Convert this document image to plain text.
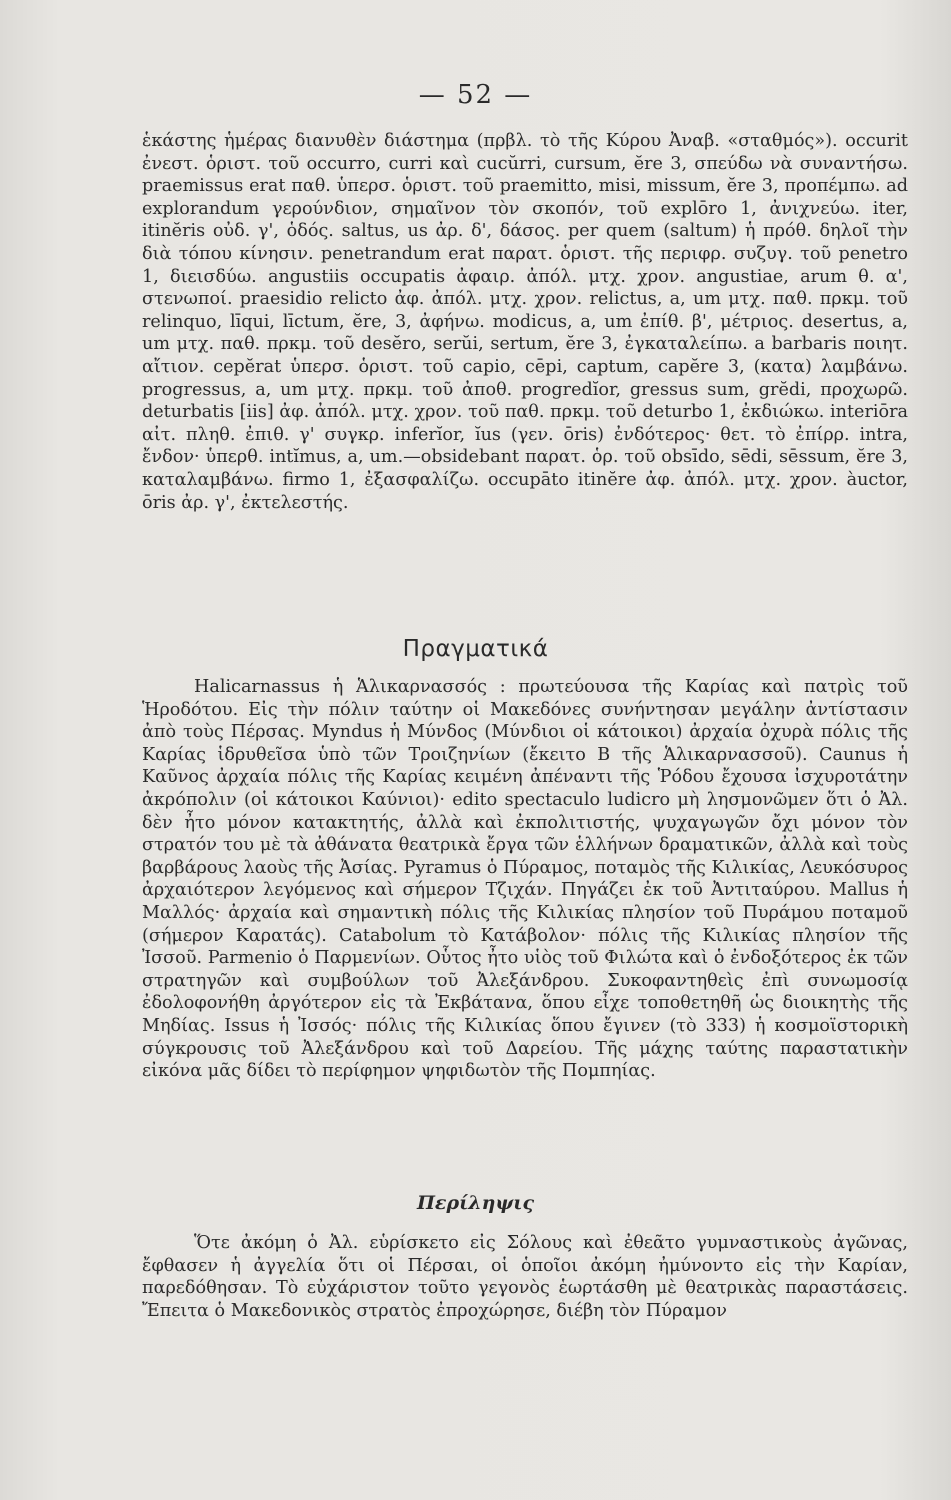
— 52 —

ἑκάστης ἡμέρας διανυθὲν διάστημα (πρβλ. τὸ τῆς Κύρου Ἀναβ. «σταθμός»). occurit ἐνεστ. ὁριστ. τοῦ occurro, curri καὶ cucŭrri, cursum, ĕre 3, σπεύδω νὰ συναντήσω. praemissus erat παθ. ὑπερσ. ὁριστ. τοῦ praemitto, misi, missum, ĕre 3, προπέμπω. ad explorandum γερούνδιον, σημαῖνον τὸν σκοπόν, τοῦ explōro 1, ἀνιχνεύω. iter, itinĕris οὐδ. γ', ὁδός. saltus, us ἀρ. δ', δάσος. per quem (saltum) ἡ πρόθ. δηλοῖ τὴν διὰ τόπου κίνησιν. penetrandum erat παρατ. ὁριστ. τῆς περιφρ. συζυγ. τοῦ penetro 1, διεισδύω. angustiis occupatis ἀφαιρ. ἀπόλ. μτχ. χρον. angustiae, arum θ. α', στενωποί. praesidio relicto ἀφ. ἀπόλ. μτχ. χρον. relictus, a, um μτχ. παθ. πρκμ. τοῦ relinquo, līqui, līctum, ĕre, 3, ἀφήνω. modicus, a, um ἐπίθ. β', μέτριος. desertus, a, um μτχ. παθ. πρκμ. τοῦ desĕro, serŭi, sertum, ĕre 3, ἐγκαταλείπω. a barbaris ποιητ. αἴτιον. cepĕrat ὑπερσ. ὁριστ. τοῦ capio, cēpi, captum, capĕre 3, (κατα) λαμβάνω. progressus, a, um μτχ. πρκμ. τοῦ ἀποθ. progredĭor, gressus sum, grĕdi, προχωρῶ. deturbatis [iis] ἀφ. ἀπόλ. μτχ. χρον. τοῦ παθ. πρκμ. τοῦ deturbo 1, ἐκδιώκω. interiōra αἰτ. πληθ. ἐπιθ. γ' συγκρ. inferĭor, ĭus (γεν. ōris) ἐνδότερος· θετ. τὸ ἐπίρρ. intra, ἔνδον· ὑπερθ. intĭmus, a, um.—obsidebant παρατ. ὁρ. τοῦ obsīdo, sēdi, sēssum, ĕre 3, καταλαμβάνω. firmo 1, ἐξασφαλίζω. occupāto itinĕre ἀφ. ἀπόλ. μτχ. χρον. àuctor, ōris ἀρ. γ', ἐκτελεστής.

Πραγματικά

Halicarnassus ἡ Ἁλικαρνασσός : πρωτεύουσα τῆς Καρίας καὶ πατρὶς τοῦ Ἡροδότου. Εἰς τὴν πόλιν ταύτην οἱ Μακεδόνες συνήντησαν μεγάλην ἀντίστασιν ἀπὸ τοὺς Πέρσας. Myndus ἡ Μύνδος (Μύνδιοι οἱ κάτοικοι) ἀρχαία ὀχυρὰ πόλις τῆς Καρίας ἱδρυθεῖσα ὑπὸ τῶν Τροιζηνίων (ἔκειτο Β τῆς Ἁλικαρνασσοῦ). Caunus ἡ Καῦνος ἀρχαία πόλις τῆς Καρίας κειμένη ἀπέναντι τῆς Ῥόδου ἔχουσα ἰσχυροτάτην ἀκρόπολιν (οἱ κάτοικοι Καύνιοι)· edito spectaculo ludicro μὴ λησμονῶμεν ὅτι ὁ Ἀλ. δὲν ἦτο μόνον κατακτητής, ἀλλὰ καὶ ἐκπολιτιστής, ψυχαγωγῶν ὄχι μόνον τὸν στρατόν του μὲ τὰ ἀθάνατα θεατρικὰ ἔργα τῶν ἑλλήνων δραματικῶν, ἀλλὰ καὶ τοὺς βαρβάρους λαοὺς τῆς Ἀσίας. Pyramus ὁ Πύραμος, ποταμὸς τῆς Κιλικίας, Λευκόσυρος ἀρχαιότερον λεγόμενος καὶ σήμερον Τζιχάν. Πηγάζει ἐκ τοῦ Ἀντιταύρου. Mallus ἡ Μαλλός· ἀρχαία καὶ σημαντικὴ πόλις τῆς Κιλικίας πλησίον τοῦ Πυράμου ποταμοῦ (σήμερον Καρατάς). Catabolum τὸ Κατάβολον· πόλις τῆς Κιλικίας πλησίον τῆς Ἰσσοῦ. Parmenio ὁ Παρμενίων. Οὗτος ἦτο υἱὸς τοῦ Φιλώτα καὶ ὁ ἐνδοξότερος ἐκ τῶν στρατηγῶν καὶ συμβούλων τοῦ Ἀλεξάνδρου. Συκοφαντηθεὶς ἐπὶ συνωμοσίᾳ ἐδολοφονήθη ἀργότερον εἰς τὰ Ἐκβάτανα, ὅπου εἶχε τοποθετηθῆ ὡς διοικητὴς τῆς Μηδίας. Issus ἡ Ἰσσός· πόλις τῆς Κιλικίας ὅπου ἔγινεν (τὸ 333) ἡ κοσμοϊστορικὴ σύγκρουσις τοῦ Ἀλεξάνδρου καὶ τοῦ Δαρείου. Τῆς μάχης ταύτης παραστατικὴν εἰκόνα μᾶς δίδει τὸ περίφημον ψηφιδωτὸν τῆς Πομπηίας.

Περίληψις

Ὅτε ἀκόμη ὁ Ἀλ. εὑρίσκετο εἰς Σόλους καὶ ἐθεᾶτο γυμναστικοὺς ἀγῶνας, ἔφθασεν ἡ ἀγγελία ὅτι οἱ Πέρσαι, οἱ ὁποῖοι ἀκόμη ἠμύνοντο εἰς τὴν Καρίαν, παρεδόθησαν. Τὸ εὐχάριστον τοῦτο γεγονὸς ἑωρτάσθη μὲ θεατρικὰς παραστάσεις. Ἔπειτα ὁ Μακεδονικὸς στρατὸς ἐπροχώρησε, διέβη τὸν Πύραμον
